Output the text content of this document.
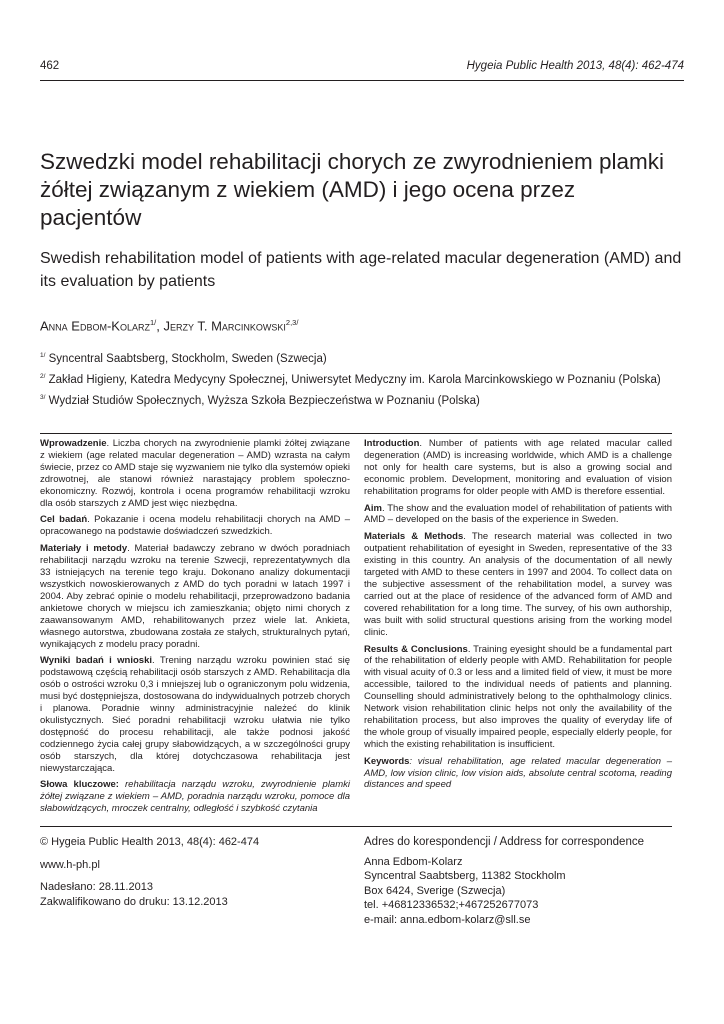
462	Hygeia Public Health 2013, 48(4): 462-474
Szwedzki model rehabilitacji chorych ze zwyrodnieniem plamki żółtej związanym z wiekiem (AMD) i jego ocena przez pacjentów
Swedish rehabilitation model of patients with age-related macular degeneration (AMD) and its evaluation by patients
Anna Edbom-Kolarz$^{1/}$, Jerzy T. Marcinkowski$^{2,3/}$
$^{1/}$ Syncentral Saabtsberg, Stockholm, Sweden (Szwecja)
$^{2/}$ Zakład Higieny, Katedra Medycyny Społecznej, Uniwersytet Medyczny im. Karola Marcinkowskiego w Poznaniu (Polska)
$^{3/}$ Wydział Studiów Społecznych, Wyższa Szkoła Bezpieczeństwa w Poznaniu (Polska)

Wprowadzenie. Liczba chorych na zwyrodnienie plamki żółtej związane z wiekiem (age related macular degeneration – AMD) wzrasta na całym świecie, przez co AMD staje się wyzwaniem nie tylko dla systemów opieki zdrowotnej, ale stanowi również narastający problem społeczno-ekonomiczny. Rozwój, kontrola i ocena programów rehabilitacji wzroku dla osób starszych z AMD jest więc niezbędna.

Cel badań. Pokazanie i ocena modelu rehabilitacji chorych na AMD – opracowanego na podstawie doświadczeń szwedzkich.

Materiały i metody. Materiał badawczy zebrano w dwóch poradniach rehabilitacji narządu wzroku na terenie Szwecji, reprezentatywnych dla 33 istniejących na terenie tego kraju. Dokonano analizy dokumentacji wszystkich nowoskierowanych z AMD do tych poradni w latach 1997 i 2004. Aby zebrać opinie o modelu rehabilitacji, przeprowadzono badania ankietowe chorych w miejscu ich zamieszkania; objęto nimi chorych z zaawansowanym AMD, rehabilitowanych przez wiele lat. Ankieta, własnego autorstwa, zbudowana została ze stałych, strukturalnych pytań, wynikających z modelu pracy poradni.

Wyniki badań i wnioski. Trening narządu wzroku powinien stać się podstawową częścią rehabilitacji osób starszych z AMD. Rehabilitacja dla osób o ostrości wzroku 0,3 i mniejszej lub o ograniczonym polu widzenia, musi być dostępniejsza, dostosowana do indywidualnych potrzeb chorych i planowa. Poradnie winny administracyjnie należeć do klinik okulistycznych. Sieć poradni rehabilitacji wzroku ułatwia nie tylko dostępność do procesu rehabilitacji, ale także podnosi jakość codziennego życia całej grupy słabowidzących, a w szczególności grupy osób starszych, dla której dotychczasowa rehabilitacja jest niewystarczająca.

Słowa kluczowe: rehabilitacja narządu wzroku, zwyrodnienie plamki żółtej związane z wiekiem – AMD, poradnia narządu wzroku, pomoce dla słabowidzących, mroczek centralny, odległość i szybkość czytania

Introduction. Number of patients with age related macular called degeneration (AMD) is increasing worldwide, which AMD is a challenge not only for health care systems, but is also a growing social and economic problem. Development, monitoring and evaluation of vision rehabilitation programs for older people with AMD is therefore essential.

Aim. The show and the evaluation model of rehabilitation of patients with AMD – developed on the basis of the experience in Sweden.

Materials & Methods. The research material was collected in two outpatient rehabilitation of eyesight in Sweden, representative of the 33 existing in this country. An analysis of the documentation of all newly targeted with AMD to these centers in 1997 and 2004. To collect data on the subjective assessment of the rehabilitation model, a survey was carried out at the place of residence of the advanced form of AMD and covered rehabilitation for a long time. The survey, of his own authorship, was built with solid structural questions arising from the working model clinic.

Results & Conclusions. Training eyesight should be a fundamental part of the rehabilitation of elderly people with AMD. Rehabilitation for people with visual acuity of 0.3 or less and a limited field of view, it must be more accessible, tailored to the individual needs of patients and planning. Counselling should administratively belong to the ophthalmology clinics. Network vision rehabilitation clinic helps not only the availability of the rehabilitation process, but also improves the quality of everyday life of the whole group of visually impaired people, especially elderly people, for which the existing rehabilitation is insufficient.

Keywords: visual rehabilitation, age related macular degeneration – AMD, low vision clinic, low vision aids, absolute central scotoma, reading distances and speed

© Hygeia Public Health 2013, 48(4): 462-474
www.h-ph.pl
Nadesłano: 28.11.2013
Zakwalifikowano do druku: 13.12.2013
Adres do korespondencji / Address for correspondence
Anna Edbom-Kolarz
Syncentral Saabtsberg, 11382 Stockholm
Box 6424, Sverige (Szwecja)
tel. +46812336532;+467252677073
e-mail: anna.edbom-kolarz@sll.se
